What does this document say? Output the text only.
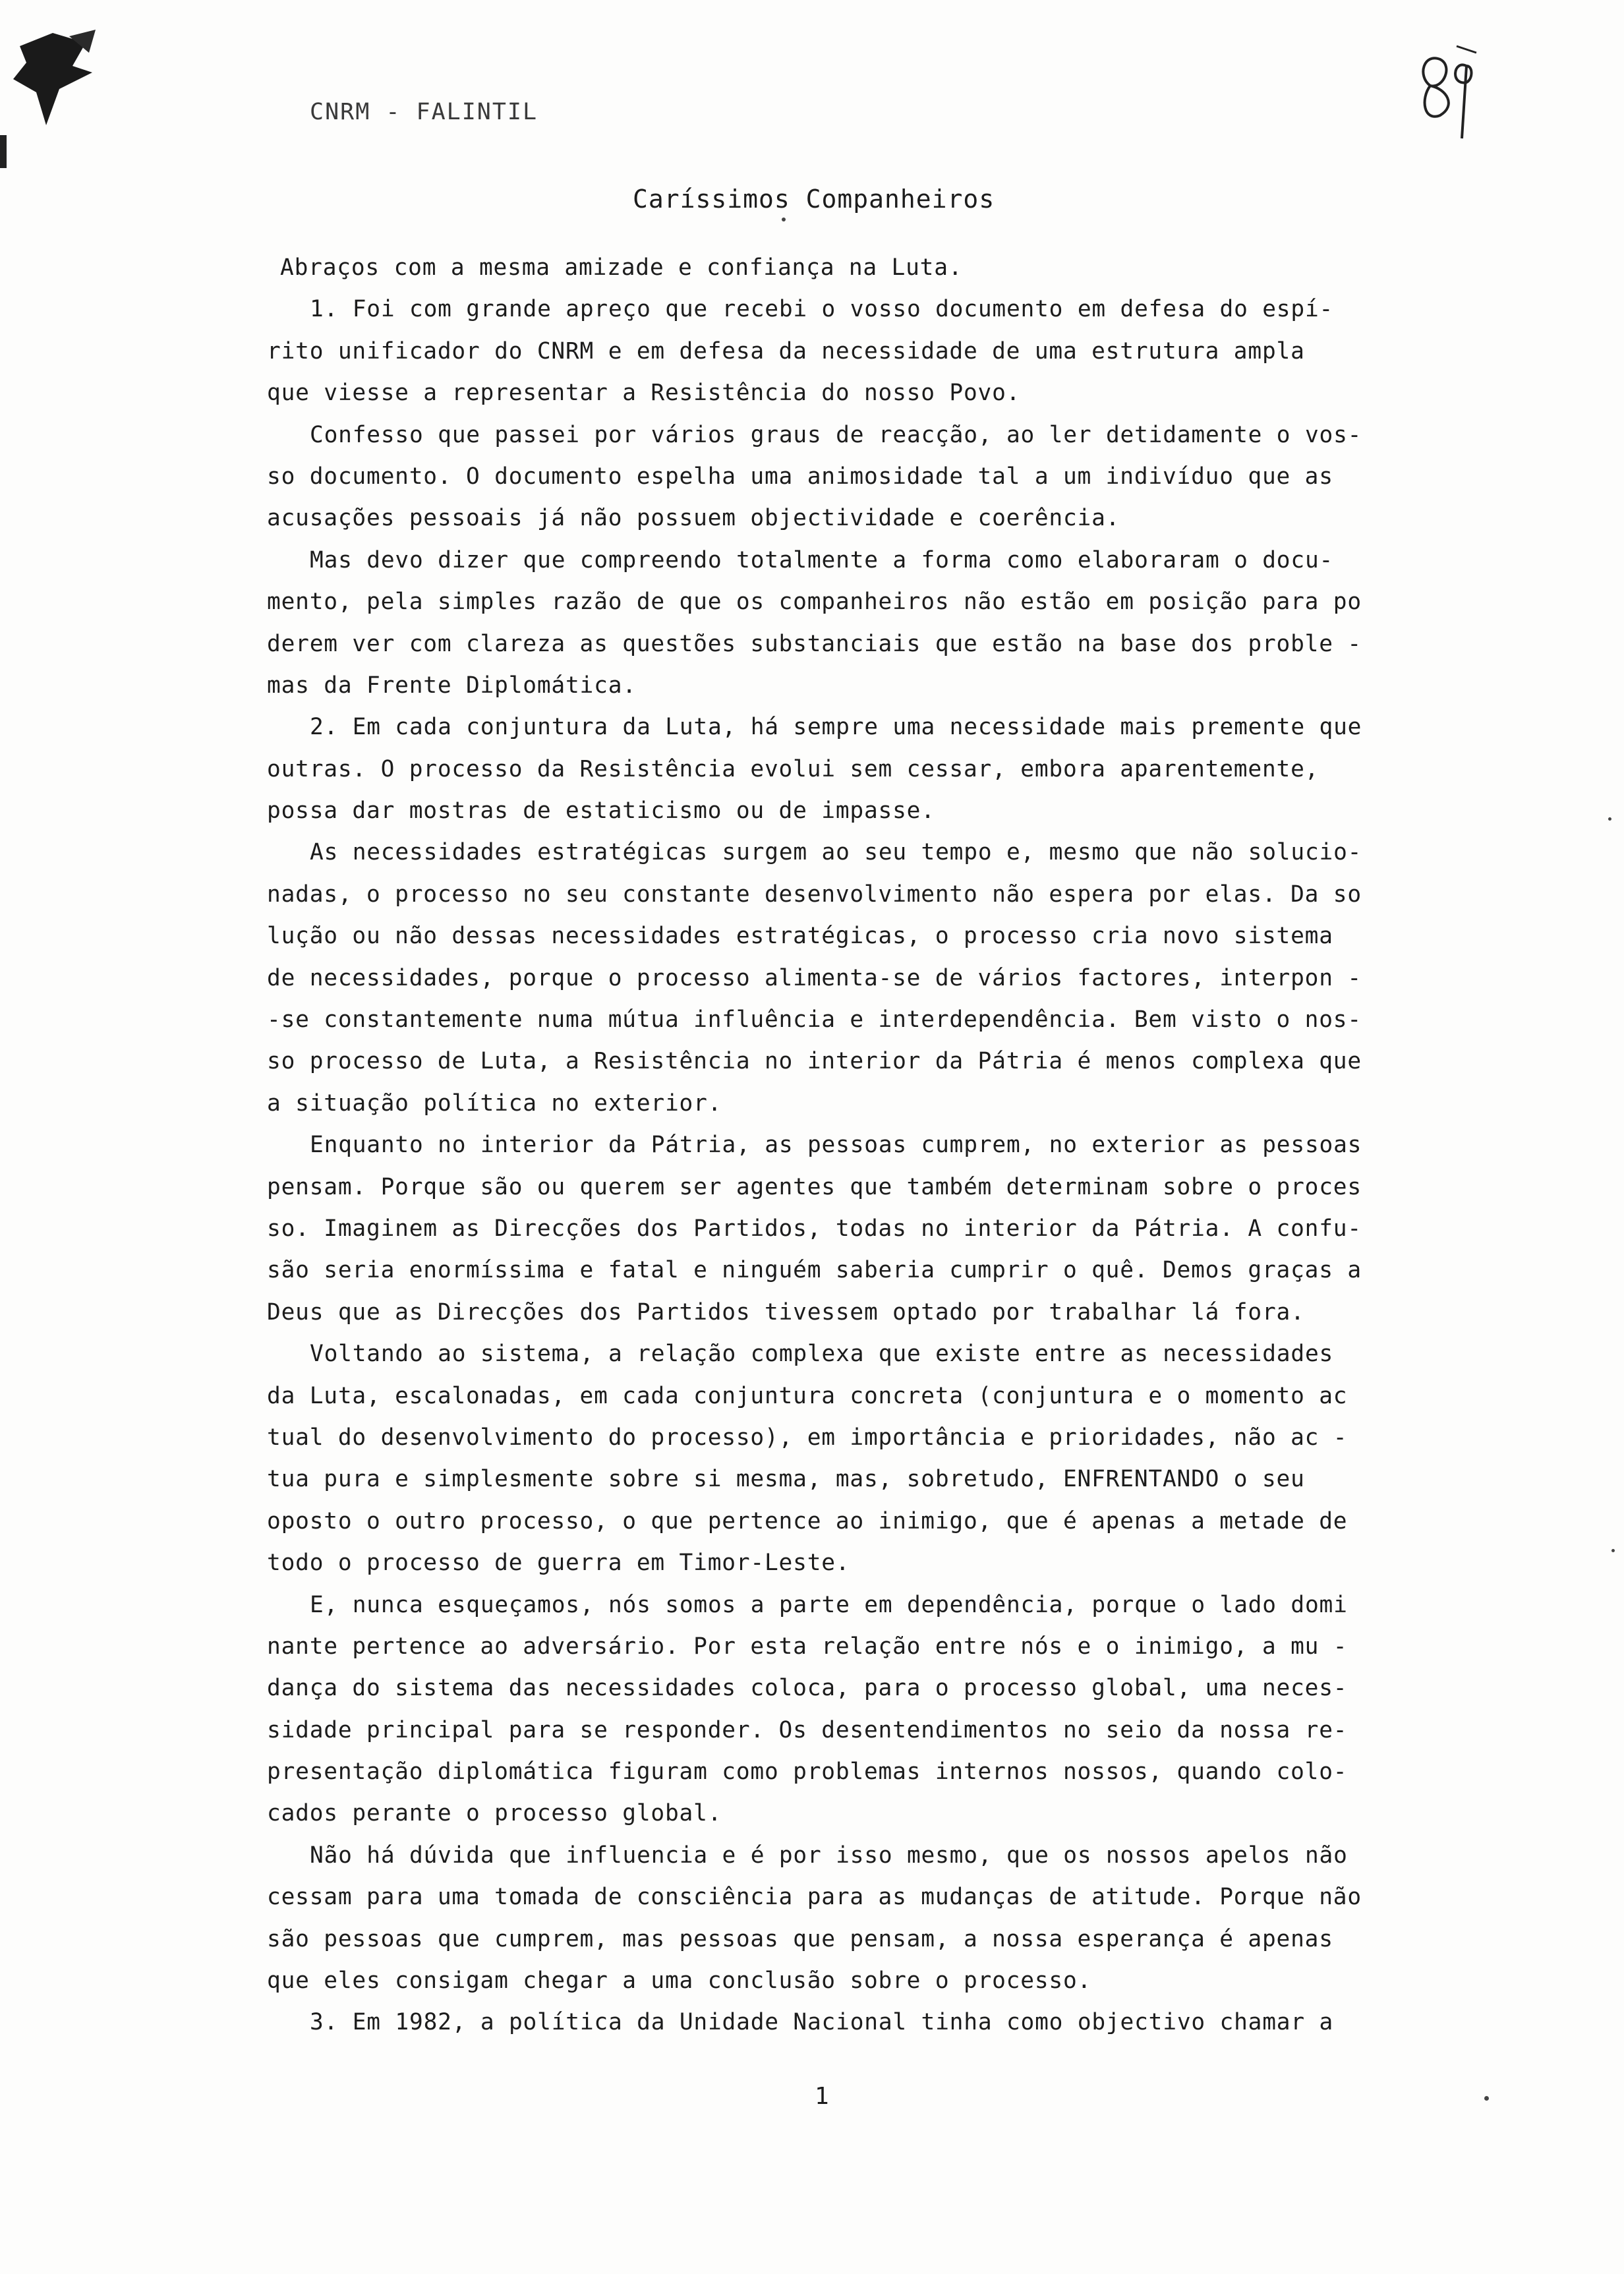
CNRM - FALINTIL
Caríssimos Companheiros
Abraços com a mesma amizade e confiança na Luta.
1. Foi com grande apreço que recebi o vosso documento em defesa do espí-
rito unificador do CNRM e em defesa da necessidade de uma estrutura ampla
que viesse a representar a Resistência do nosso Povo.
Confesso que passei por vários graus de reacção, ao ler detidamente o vos-
so documento. O documento espelha uma animosidade tal a um indivíduo que as
acusações pessoais já não possuem objectividade e coerência.
Mas devo dizer que compreendo totalmente a forma como elaboraram o docu-
mento, pela simples razão de que os companheiros não estão em posição para po
derem ver com clareza as questões substanciais que estão na base dos proble -
mas da Frente Diplomática.
2. Em cada conjuntura da Luta, há sempre uma necessidade mais premente que
outras. O processo da Resistência evolui sem cessar, embora aparentemente,
possa dar mostras de estaticismo ou de impasse.
As necessidades estratégicas surgem ao seu tempo e, mesmo que não solucio-
nadas, o processo no seu constante desenvolvimento não espera por elas. Da so
lução ou não dessas necessidades estratégicas, o processo cria novo sistema
de necessidades, porque o processo alimenta-se de vários factores, interpon -
-se constantemente numa mútua influência e interdependência. Bem visto o nos-
so processo de Luta, a Resistência no interior da Pátria é menos complexa que
a situação política no exterior.
Enquanto no interior da Pátria, as pessoas cumprem, no exterior as pessoas
pensam. Porque são ou querem ser agentes que também determinam sobre o proces
so. Imaginem as Direcções dos Partidos, todas no interior da Pátria. A confu-
são seria enormíssima e fatal e ninguém saberia cumprir o quê. Demos graças a
Deus que as Direcções dos Partidos tivessem optado por trabalhar lá fora.
Voltando ao sistema, a relação complexa que existe entre as necessidades
da Luta, escalonadas, em cada conjuntura concreta (conjuntura e o momento ac
tual do desenvolvimento do processo), em importância e prioridades, não ac -
tua pura e simplesmente sobre si mesma, mas, sobretudo, ENFRENTANDO o seu
oposto o outro processo, o que pertence ao inimigo, que é apenas a metade de
todo o processo de guerra em Timor-Leste.
E, nunca esqueçamos, nós somos a parte em dependência, porque o lado domi
nante pertence ao adversário. Por esta relação entre nós e o inimigo, a mu -
dança do sistema das necessidades coloca, para o processo global, uma neces-
sidade principal para se responder. Os desentendimentos no seio da nossa re-
presentação diplomática figuram como problemas internos nossos, quando colo-
cados perante o processo global.
Não há dúvida que influencia e é por isso mesmo, que os nossos apelos não
cessam para uma tomada de consciência para as mudanças de atitude. Porque não
são pessoas que cumprem, mas pessoas que pensam, a nossa esperança é apenas
que eles consigam chegar a uma conclusão sobre o processo.
3. Em 1982, a política da Unidade Nacional tinha como objectivo chamar a
1
